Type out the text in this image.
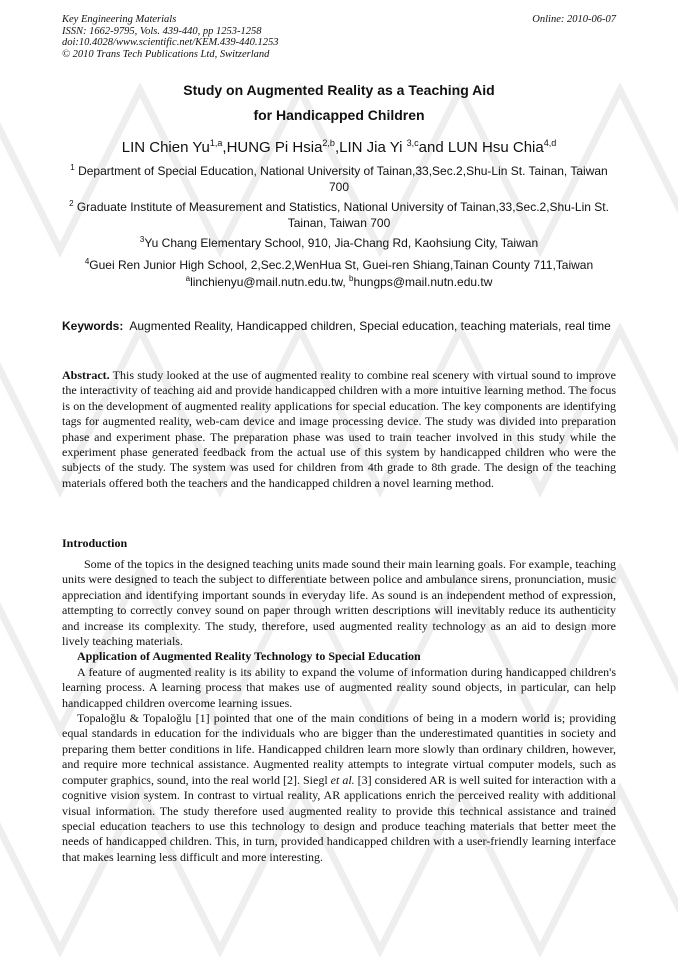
Key Engineering Materials
ISSN: 1662-9795, Vols. 439-440, pp 1253-1258
doi:10.4028/www.scientific.net/KEM.439-440.1253
© 2010 Trans Tech Publications Ltd, Switzerland
Online: 2010-06-07
Study on Augmented Reality as a Teaching Aid
for Handicapped Children
LIN Chien Yu$^{1,a}$,HUNG Pi Hsia$^{2,b}$,LIN Jia Yi $^{3,c}$and LUN Hsu Chia$^{4,d}$
$^1$ Department of Special Education, National University of Tainan,33,Sec.2,Shu-Lin St. Tainan, Taiwan 700
$^2$ Graduate Institute of Measurement and Statistics, National University of Tainan,33,Sec.2,Shu-Lin St. Tainan, Taiwan 700
$^3$Yu Chang Elementary School, 910, Jia-Chang Rd, Kaohsiung City, Taiwan
$^4$Guei Ren Junior High School, 2,Sec.2,WenHua St, Guei-ren Shiang,Tainan County 711,Taiwan
$^a$linchienyu@mail.nutn.edu.tw, $^b$hungps@mail.nutn.edu.tw
Keywords: Augmented Reality, Handicapped children, Special education, teaching materials, real time
Abstract. This study looked at the use of augmented reality to combine real scenery with virtual sound to improve the interactivity of teaching aid and provide handicapped children with a more intuitive learning method. The focus is on the development of augmented reality applications for special education. The key components are identifying tags for augmented reality, web-cam device and image processing device. The study was divided into preparation phase and experiment phase. The preparation phase was used to train teacher involved in this study while the experiment phase generated feedback from the actual use of this system by handicapped children who were the subjects of the study. The system was used for children from 4th grade to 8th grade. The design of the teaching materials offered both the teachers and the handicapped children a novel learning method.
Introduction
Some of the topics in the designed teaching units made sound their main learning goals. For example, teaching units were designed to teach the subject to differentiate between police and ambulance sirens, pronunciation, music appreciation and identifying important sounds in everyday life. As sound is an independent method of expression, attempting to correctly convey sound on paper through written descriptions will inevitably reduce its authenticity and increase its complexity. The study, therefore, used augmented reality technology as an aid to design more lively teaching materials.
Application of Augmented Reality Technology to Special Education
A feature of augmented reality is its ability to expand the volume of information during handicapped children's learning process. A learning process that makes use of augmented reality sound objects, in particular, can help handicapped children overcome learning issues.
Topaloğlu & Topaloğlu [1] pointed that one of the main conditions of being in a modern world is; providing equal standards in education for the individuals who are bigger than the underestimated quantities in society and preparing them better conditions in life. Handicapped children learn more slowly than ordinary children, however, and require more technical assistance. Augmented reality attempts to integrate virtual computer models, such as computer graphics, sound, into the real world [2]. Siegl et al. [3] considered AR is well suited for interaction with a cognitive vision system. In contrast to virtual reality, AR applications enrich the perceived reality with additional visual information. The study therefore used augmented reality to provide this technical assistance and trained special education teachers to use this technology to design and produce teaching materials that better meet the needs of handicapped children. This, in turn, provided handicapped children with a user-friendly learning interface that makes learning less difficult and more interesting.
